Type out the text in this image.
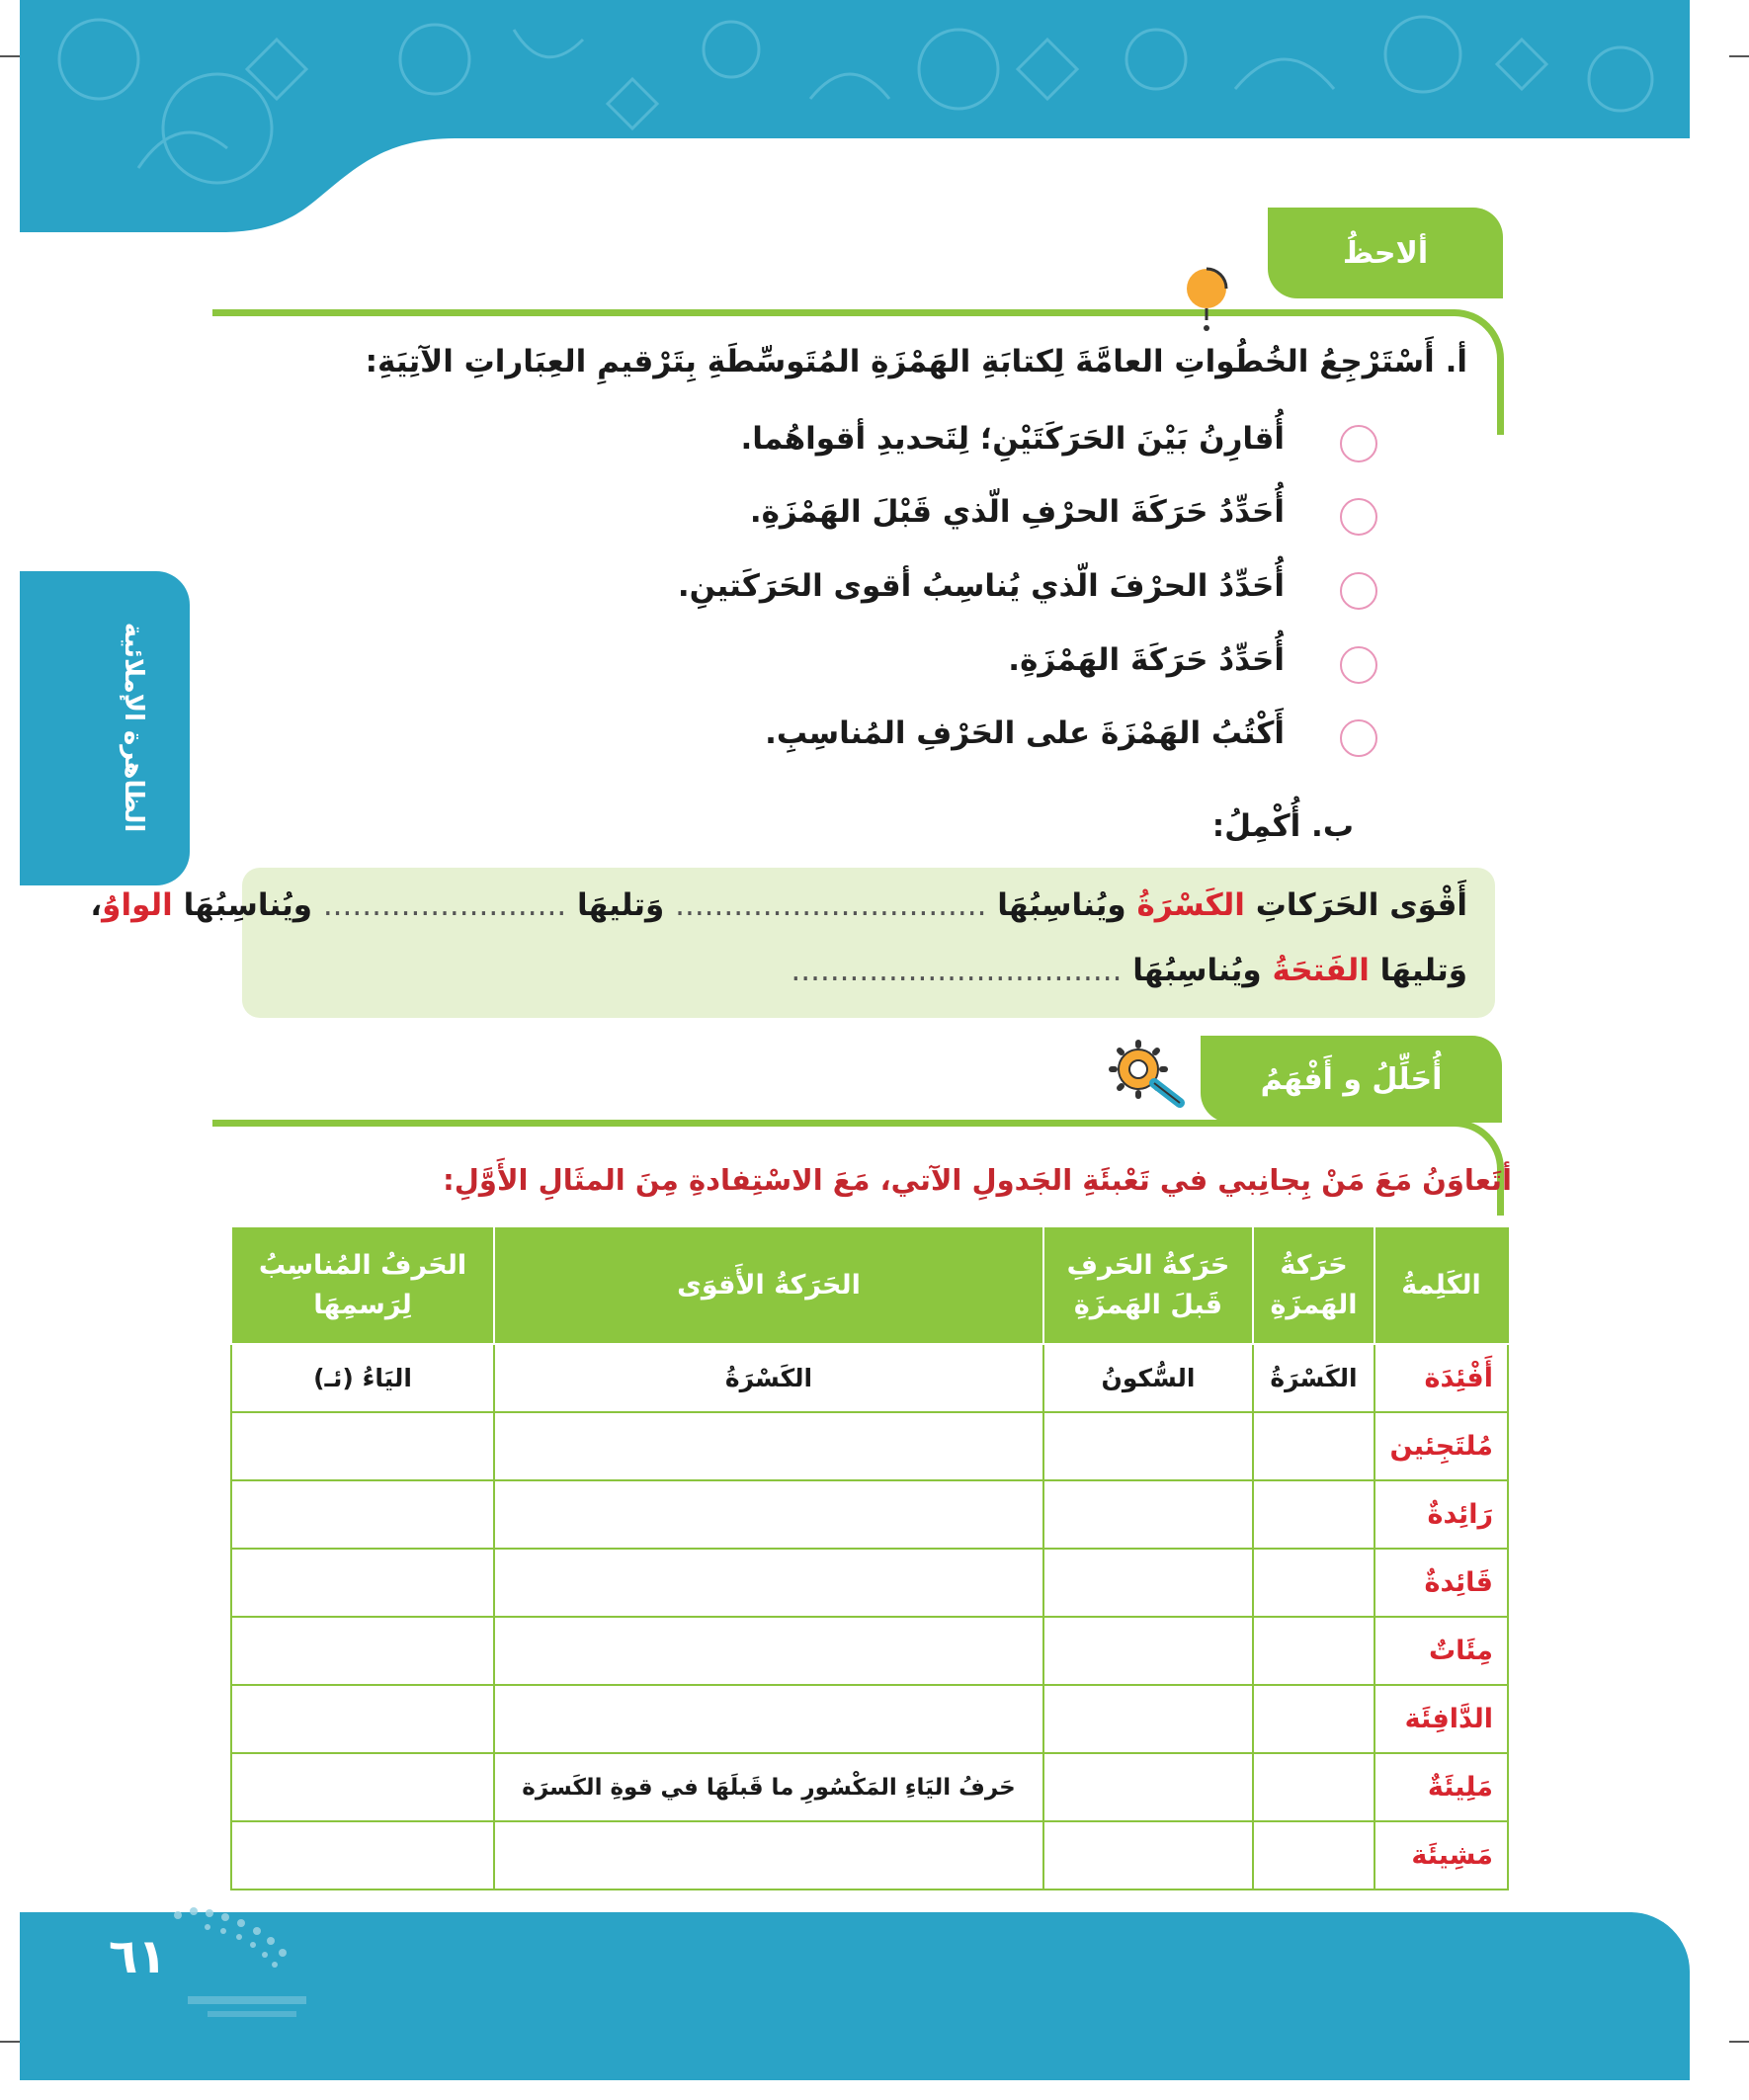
الظاهرة الإملائية
ألاحظُ
أ. أَسْتَرْجِعُ الخُطُواتِ العامَّةَ لِكتابَةِ الهَمْزَةِ المُتَوسِّطَةِ بِتَرْقيمِ العِبَاراتِ الآتِيَةِ:
أُقارِنُ بَيْنَ الحَرَكَتَيْنِ؛ لِتَحديدِ أقواهُما.
أُحَدِّدُ حَرَكَةَ الحرْفِ الّذي قَبْلَ الهَمْزَةِ.
أُحَدِّدُ الحرْفَ الّذي يُناسِبُ أقوى الحَرَكَتينِ.
أُحَدِّدُ حَرَكَةَ الهَمْزَةِ.
أَكْتُبُ الهَمْزَةَ على الحَرْفِ المُناسِبِ.
ب. أُكْمِلُ:
أَقْوَى الحَرَكاتِ الكَسْرَةُ ويُناسِبُهَا ................................ وَتليهَا ......................... ويُناسِبُهَا الواوُ،
وَتليهَا الفَتحَةُ ويُناسِبُهَا ..................................
أُحَلِّلُ و أَفْهَمُ
أتَعاوَنُ مَعَ مَنْ بِجانِبي في تَعْبئَةِ الجَدولِ الآتي، مَعَ الاسْتِفادةِ مِنَ المثَالِ الأَوَّلِ:
الكَلِمةُ	حَرَكةُ الهَمزَةِ	حَرَكةُ الحَرفِ قَبلَ الهَمزَةِ	الحَرَكةُ الأَقوَى	الحَرفُ المُناسِبُ لِرَسمِهَا
أَفْئِدَة	الكَسْرَةُ	السُّكونُ	الكَسْرَةُ	اليَاءُ (ئـ)
مُلتَجِئين				
رَائِدةٌ				
قَائِدةٌ				
مِئَاتٌ				
الدَّافِئَة				
مَلِيئَةٌ			حَرفُ اليَاءِ المَكْسُورِ ما قَبلَهَا في قوةِ الكَسرَة	
مَشِيئَة				
٦١
